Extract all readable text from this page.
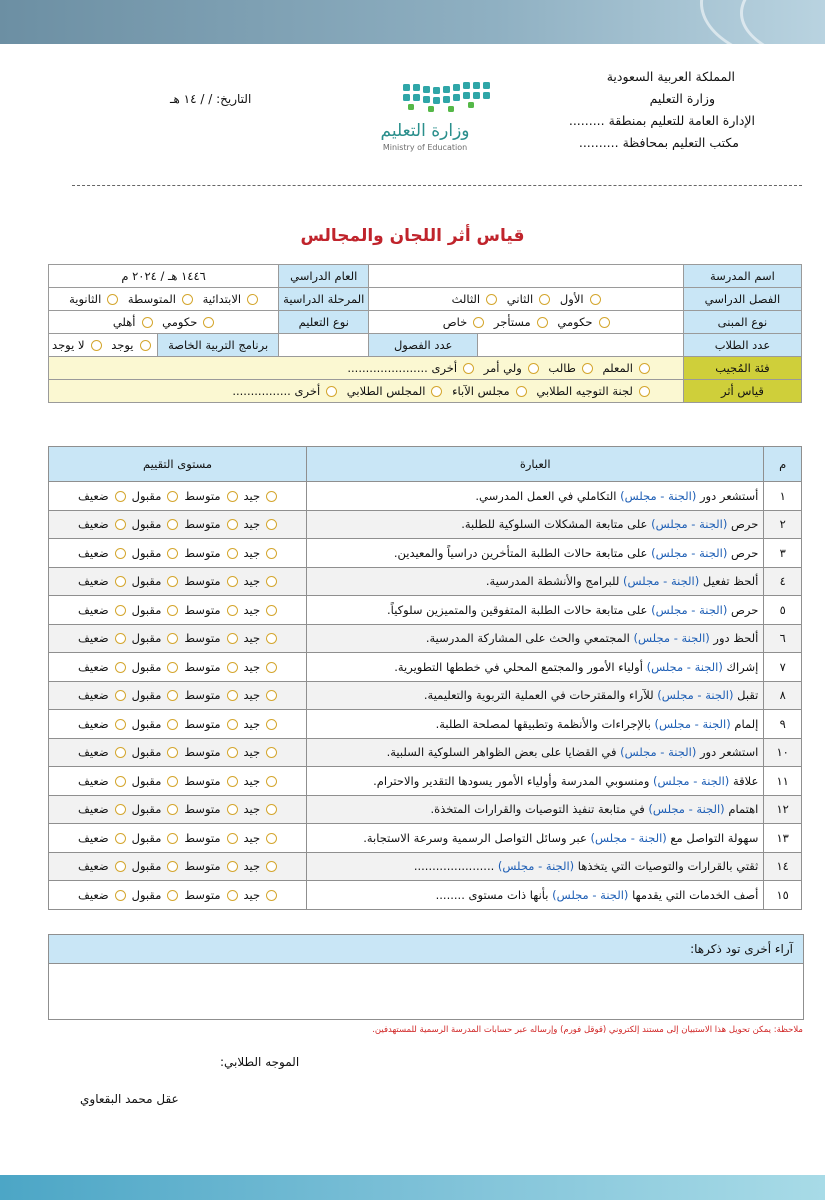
المملكة العربية السعودية
وزارة التعليم
الإدارة العامة للتعليم بمنطقة .........
مكتب التعليم بمحافظة ..........
وزارة التعليم
Ministry of Education
التاريخ: / / ١٤ هـ
قياس أثر اللجان والمجالس
اسم المدرسة			العام الدراسي	١٤٤٦ هـ / ٢٠٢٤ م
الفصل الدراسي	الأول الثاني الثالث		المرحلة الدراسية	الابتدائية المتوسطة الثانوية
نوع المبنى	حكومي مستأجر خاص		نوع التعليم	حكومي أهلي
عدد الطلاب		عدد الفصول		برنامج التربية الخاصة يوجد لا يوجد
فئة المُجيب	المعلم طالب ولي أمر أخرى ......................			
قياس أثر	لجنة التوجيه الطلابي مجلس الآباء المجلس الطلابي أخرى ................			
م	العبارة	مستوى التقييم
١	أستشعر دور (الجنة - مجلس) التكاملي في العمل المدرسي.	جيدمتوسطمقبولضعيف
٢	حرص (الجنة - مجلس) على متابعة المشكلات السلوكية للطلبة.	جيدمتوسطمقبولضعيف
٣	حرص (الجنة - مجلس) على متابعة حالات الطلبة المتأخرين دراسياً والمعيدين.	جيدمتوسطمقبولضعيف
٤	ألحظ تفعيل (الجنة - مجلس) للبرامج والأنشطة المدرسية.	جيدمتوسطمقبولضعيف
٥	حرص (الجنة - مجلس) على متابعة حالات الطلبة المتفوقين والمتميزين سلوكياً.	جيدمتوسطمقبولضعيف
٦	ألحظ دور (الجنة - مجلس) المجتمعي والحث على المشاركة المدرسية.	جيدمتوسطمقبولضعيف
٧	إشراك (الجنة - مجلس) أولياء الأمور والمجتمع المحلي في خططها التطويرية.	جيدمتوسطمقبولضعيف
٨	تقبل (الجنة - مجلس) للآراء والمقترحات في العملية التربوية والتعليمية.	جيدمتوسطمقبولضعيف
٩	إلمام (الجنة - مجلس) بالإجراءات والأنظمة وتطبيقها لمصلحة الطلبة.	جيدمتوسطمقبولضعيف
١٠	استشعر دور (الجنة - مجلس) في القضايا على بعض الظواهر السلوكية السلبية.	جيدمتوسطمقبولضعيف
١١	علاقة (الجنة - مجلس) ومنسوبي المدرسة وأولياء الأمور يسودها التقدير والاحترام.	جيدمتوسطمقبولضعيف
١٢	اهتمام (الجنة - مجلس) في متابعة تنفيذ التوصيات والقرارات المتخذة.	جيدمتوسطمقبولضعيف
١٣	سهولة التواصل مع (الجنة - مجلس) عبر وسائل التواصل الرسمية وسرعة الاستجابة.	جيدمتوسطمقبولضعيف
١٤	ثقتي بالقرارات والتوصيات التي يتخذها (الجنة - مجلس) ......................	جيدمتوسطمقبولضعيف
١٥	أصف الخدمات التي يقدمها (الجنة - مجلس) بأنها ذات مستوى ........	جيدمتوسطمقبولضعيف
آراء أخرى تود ذكرها:
ملاحظة: يمكن تحويل هذا الاستبيان إلى مستند إلكتروني (قوقل فورم) وإرساله عبر حسابات المدرسة الرسمية للمستهدفين.
الموجه الطلابي:
عقل محمد البقعاوي
